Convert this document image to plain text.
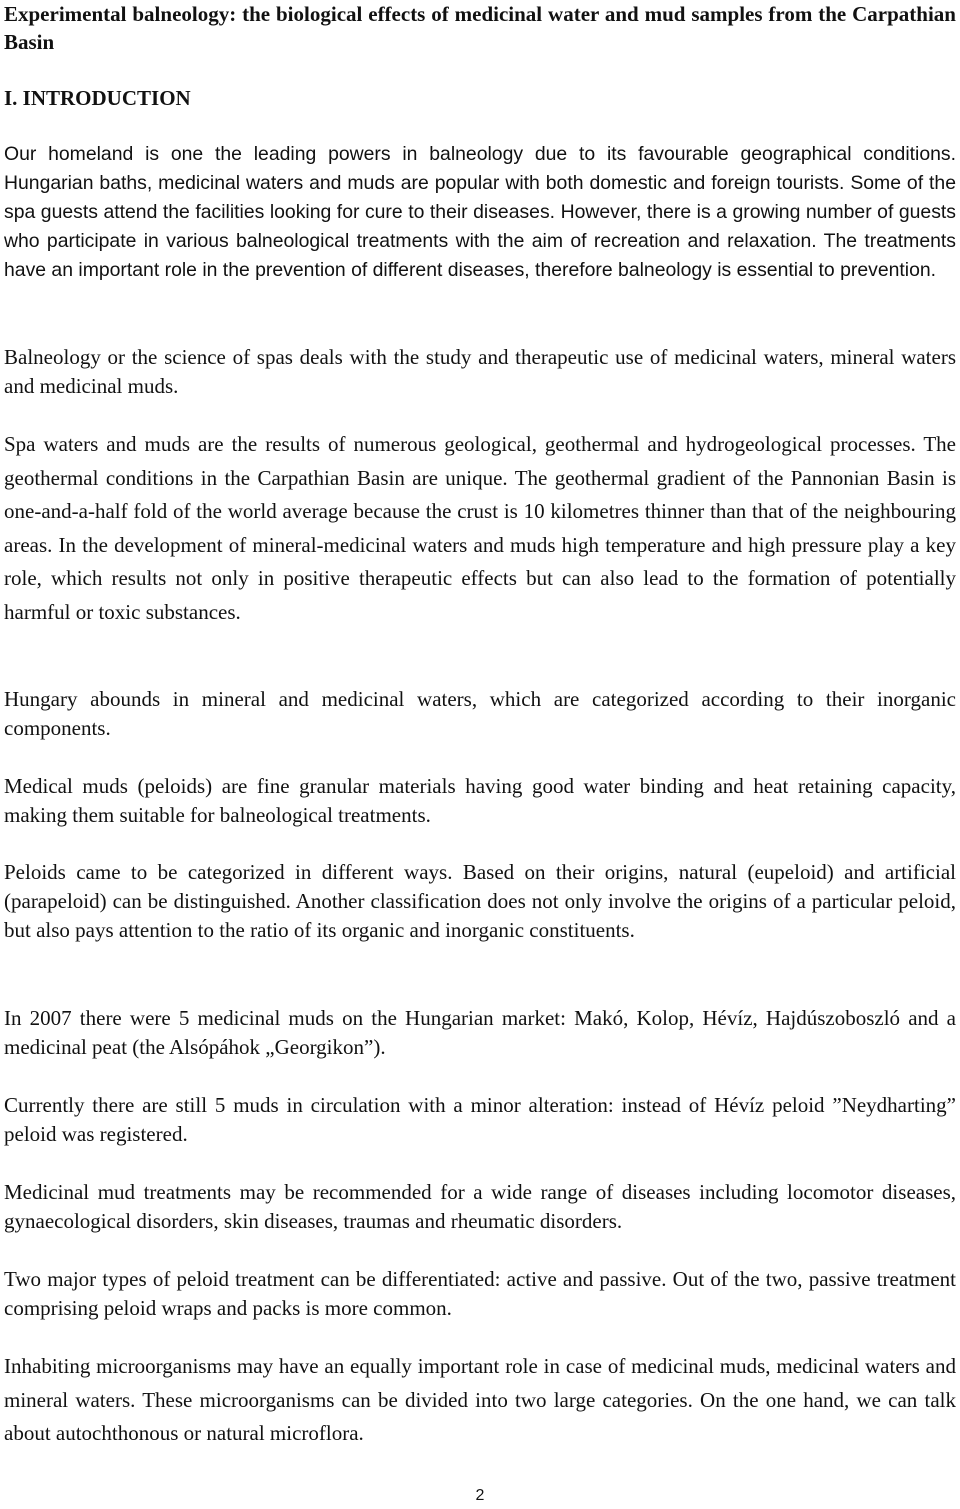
Experimental balneology: the biological effects of medicinal water and mud samples from the Carpathian Basin
I. INTRODUCTION

Our homeland is one the leading powers in balneology due to its favourable geographical conditions. Hungarian baths, medicinal waters and muds are popular with both domestic and foreign tourists. Some of the spa guests attend the facilities looking for cure to their diseases. However, there is a growing number of guests who participate in various balneological treatments with the aim of recreation and relaxation. The treatments have an important role in the prevention of different diseases, therefore balneology is essential to prevention.

Balneology or the science of spas deals with the study and therapeutic use of medicinal waters, mineral waters and medicinal muds.

Spa waters and muds are the results of numerous geological, geothermal and hydrogeological processes. The geothermal conditions in the Carpathian Basin are unique. The geothermal gradient of the Pannonian Basin is one-and-a-half fold of the world average because the crust is 10 kilometres thinner than that of the neighbouring areas. In the development of mineral-medicinal waters and muds high temperature and high pressure play a key role, which results not only in positive therapeutic effects but can also lead to the formation of potentially harmful or toxic substances.

Hungary abounds in mineral and medicinal waters, which are categorized according to their inorganic components.

Medical muds (peloids) are fine granular materials having good water binding and heat retaining capacity, making them suitable for balneological treatments.

Peloids came to be categorized in different ways. Based on their origins, natural (eupeloid) and artificial (parapeloid) can be distinguished. Another classification does not only involve the origins of a particular peloid, but also pays attention to the ratio of its organic and inorganic constituents.

In 2007 there were 5 medicinal muds on the Hungarian market: Makó, Kolop, Hévíz, Hajdúszoboszló and a medicinal peat (the Alsópáhok „Georgikon”).

Currently there are still 5 muds in circulation with a minor alteration: instead of Hévíz peloid ”Neydharting” peloid was registered.

Medicinal mud treatments may be recommended for a wide range of diseases including locomotor diseases, gynaecological disorders, skin diseases, traumas and rheumatic disorders.

Two major types of peloid treatment can be differentiated: active and passive. Out of the two, passive treatment comprising peloid wraps and packs is more common.

Inhabiting microorganisms may have an equally important role in case of medicinal muds, medicinal waters and mineral waters. These microorganisms can be divided into two large categories. On the one hand, we can talk about autochthonous or natural microflora.

2
